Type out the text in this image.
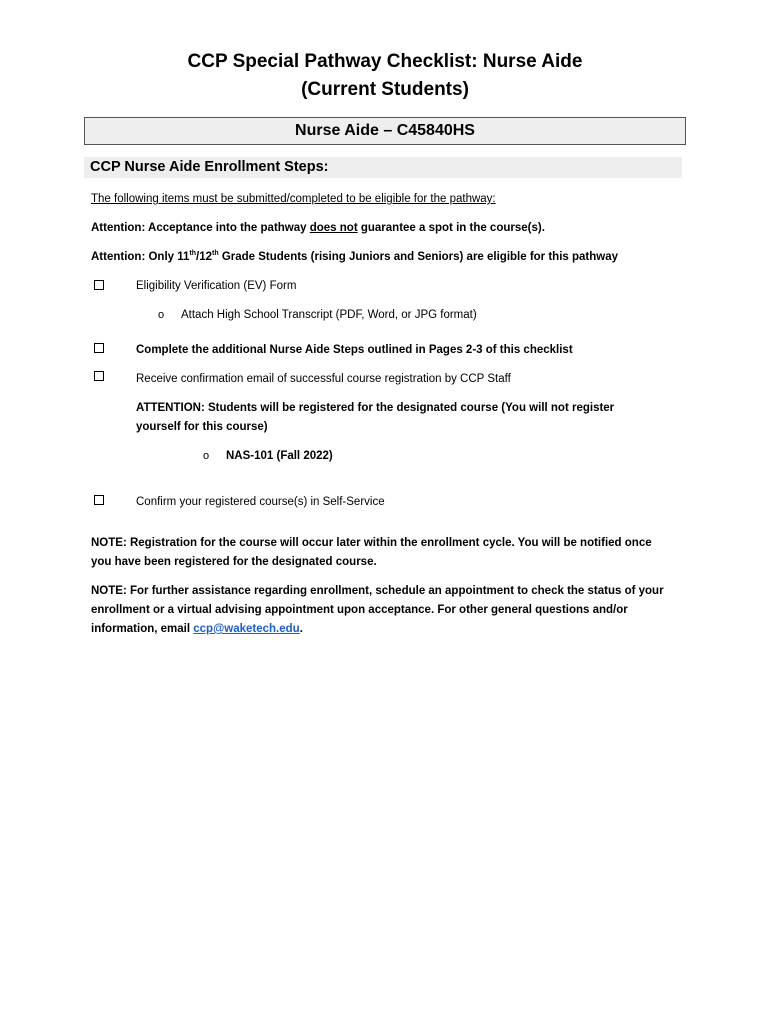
CCP Special Pathway Checklist: Nurse Aide
(Current Students)
Nurse Aide – C45840HS
CCP Nurse Aide Enrollment Steps:
The following items must be submitted/completed to be eligible for the pathway:
Attention: Acceptance into the pathway does not guarantee a spot in the course(s).
Attention: Only 11th/12th Grade Students (rising Juniors and Seniors) are eligible for this pathway
Eligibility Verification (EV) Form
o Attach High School Transcript (PDF, Word, or JPG format)
Complete the additional Nurse Aide Steps outlined in Pages 2-3 of this checklist
Receive confirmation email of successful course registration by CCP Staff
ATTENTION: Students will be registered for the designated course (You will not register
yourself for this course)
o NAS-101 (Fall 2022)
Confirm your registered course(s) in Self-Service
NOTE: Registration for the course will occur later within the enrollment cycle. You will be notified once you have been registered for the designated course.
NOTE: For further assistance regarding enrollment, schedule an appointment to check the status of your enrollment or a virtual advising appointment upon acceptance. For other general questions and/or information, email ccp@waketech.edu.
